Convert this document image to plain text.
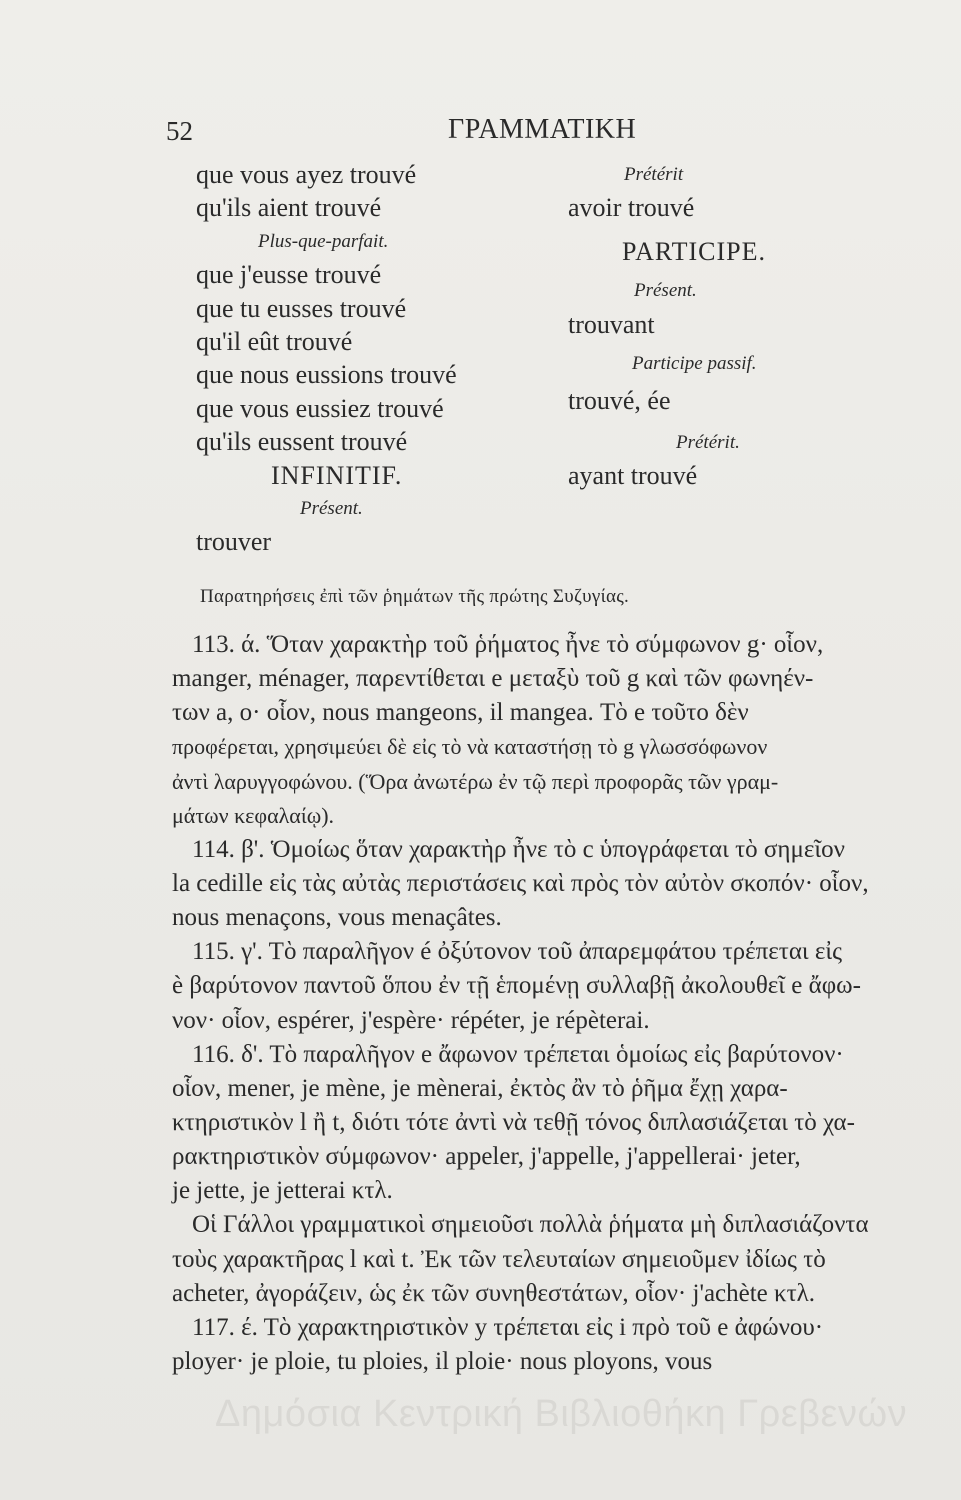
52	ΓΡΑΜΜΑΤΙΚΗ
que vous ayez trouvé
qu'ils aient trouvé
Plus-que-parfait.
que j'eusse trouvé
que tu eusses trouvé
qu'il eût trouvé
que nous eussions trouvé
que vous eussiez trouvé
qu'ils eussent trouvé
INFINITIF.
Présent.
trouver
Prétérit
avoir trouvé
PARTICIPE.
Présent.
trouvant
Participe passif.
trouvé, ée
Prétérit.
ayant trouvé
Παρατηρήσεις ἐπὶ τῶν ῥημάτων τῆς πρώτης Συζυγίας.
113. ά. Ὅταν χαρακτὴρ τοῦ ῥήματος ἦνε τὸ σύμφωνον g· οἷον,
manger, ménager, παρεντίθεται e μεταξὺ τοῦ g καὶ τῶν φωνηέν-
των a, o· οἷον, nous mangeons, il mangea. Τὸ e τοῦτο δὲν
προφέρεται, χρησιμεύει δὲ εἰς τὸ νὰ καταστήσῃ τὸ g γλωσσόφωνον
ἀντὶ λαρυγγοφώνου. (Ὅρα ἀνωτέρω ἐν τῷ περὶ προφορᾶς τῶν γραμ-
μάτων κεφαλαίῳ).
114. β'. Ὁμοίως ὅταν χαρακτὴρ ἦνε τὸ c ὑπογράφεται τὸ σημεῖον
la cedille εἰς τὰς αὐτὰς περιστάσεις καὶ πρὸς τὸν αὐτὸν σκοπόν· οἷον,
nous menaçons, vous menaçâtes.
115. γ'. Τὸ παραλῆγον é ὀξύτονον τοῦ ἀπαρεμφάτου τρέπεται εἰς
è βαρύτονον παντοῦ ὅπου ἐν τῇ ἑπομένῃ συλλαβῇ ἀκολουθεῖ e ἄφω-
νον· οἷον, espérer, j'espère· répéter, je répèterai.
116. δ'. Τὸ παραλῆγον e ἄφωνον τρέπεται ὁμοίως εἰς βαρύτονον·
οἷον, mener, je mène, je mènerai, ἐκτὸς ἂν τὸ ῥῆμα ἔχῃ χαρα-
κτηριστικὸν l ἢ t, διότι τότε ἀντὶ νὰ τεθῇ τόνος διπλασιάζεται τὸ χα-
ρακτηριστικὸν σύμφωνον· appeler, j'appelle, j'appellerai· jeter,
je jette, je jetterai κτλ.
Οἱ Γάλλοι γραμματικοὶ σημειοῦσι πολλὰ ῥήματα μὴ διπλασιάζοντα
τοὺς χαρακτῆρας l καὶ t. Ἐκ τῶν τελευταίων σημειοῦμεν ἰδίως τὸ
acheter, ἀγοράζειν, ὡς ἐκ τῶν συνηθεστάτων, οἷον· j'achète κτλ.
117. έ. Τὸ χαρακτηριστικὸν y τρέπεται εἰς i πρὸ τοῦ e ἀφώνου·
ployer· je ploie, tu ploies, il ploie· nous ployons, vous
Δημόσια Κεντρική Βιβλιοθήκη Γρεβενών
